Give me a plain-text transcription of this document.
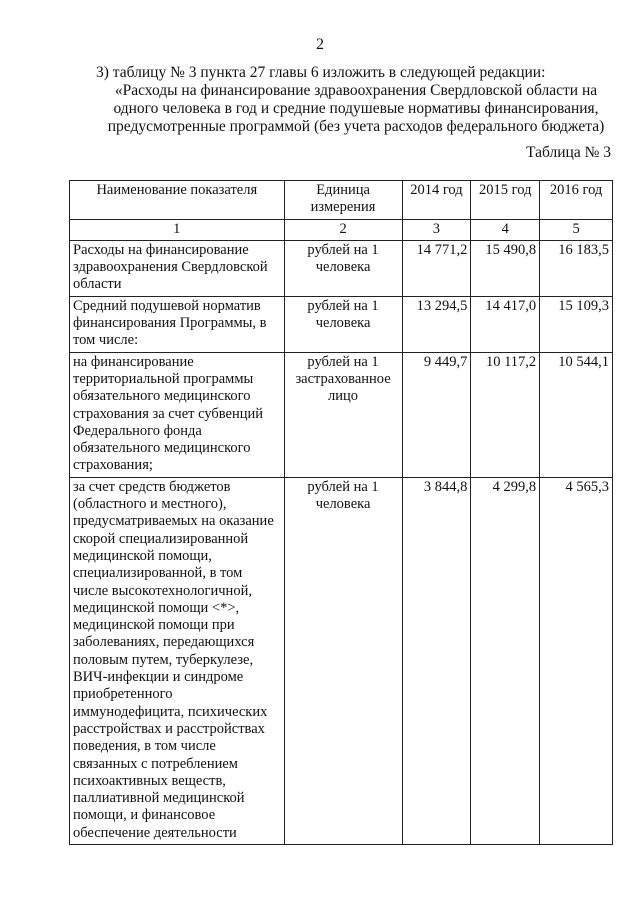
2

3) таблицу № 3 пункта 27 главы 6 изложить в следующей редакции:

«Расходы на финансирование здравоохранения Свердловской области на одного человека в год и средние подушевые нормативы финансирования, предусмотренные программой (без учета расходов федерального бюджета)

Таблица № 3
Наименование показателя	Единица измерения	2014 год	2015 год	2016 год
1	2	3	4	5
Расходы на финансирование здравоохранения Свердловской области	рублей на 1 человека	14 771,2	15 490,8	16 183,5
Средний подушевой норматив финансирования Программы, в том числе:	рублей на 1 человека	13 294,5	14 417,0	15 109,3
на финансирование территориальной программы обязательного медицинского страхования за счет субвенций Федерального фонда обязательного медицинского страхования;	рублей на 1 застрахованное лицо	9 449,7	10 117,2	10 544,1
за счет средств бюджетов (областного и местного), предусматриваемых на оказание скорой специализированной медицинской помощи, специализированной, в том числе высокотехнологичной, медицинской помощи <*>, медицинской помощи при заболеваниях, передающихся половым путем, туберкулезе, ВИЧ-инфекции и синдроме приобретенного иммунодефицита, психических расстройствах и расстройствах поведения, в том числе связанных с потреблением психоактивных веществ, паллиативной медицинской помощи, и финансовое обеспечение деятельности	рублей на 1 человека	3 844,8	4 299,8	4 565,3
